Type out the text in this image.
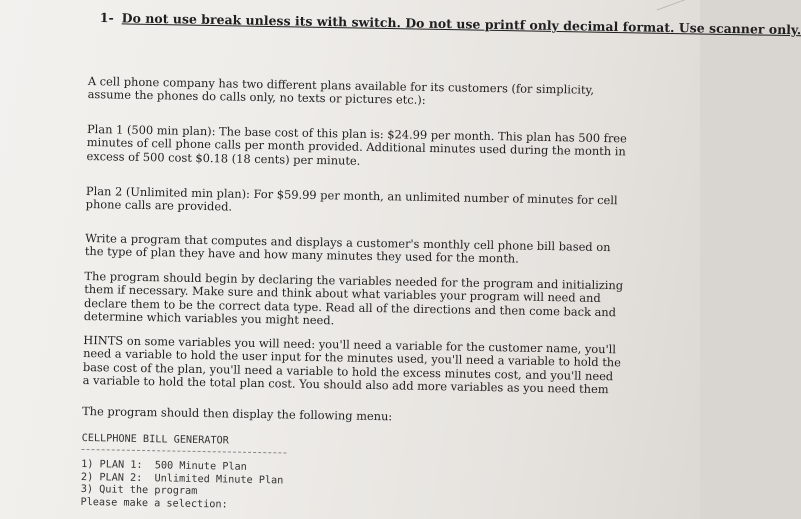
1- Do not use break unless its with switch. Do not use printf only decimal format. Use scanner only.

A cell phone company has two different plans available for its customers (for simplicity, assume the phones do calls only, no texts or pictures etc.):

Plan 1 (500 min plan): The base cost of this plan is: $24.99 per month. This plan has 500 free minutes of cell phone calls per month provided. Additional minutes used during the month in excess of 500 cost $0.18 (18 cents) per minute.

Plan 2 (Unlimited min plan): For $59.99 per month, an unlimited number of minutes for cell phone calls are provided.

Write a program that computes and displays a customer's monthly cell phone bill based on the type of plan they have and how many minutes they used for the month.

The program should begin by declaring the variables needed for the program and initializing them if necessary. Make sure and think about what variables your program will need and declare them to be the correct data type. Read all of the directions and then come back and determine which variables you might need.

HINTS on some variables you will need: you'll need a variable for the customer name, you'll need a variable to hold the user input for the minutes used, you'll need a variable to hold the base cost of the plan, you'll need a variable to hold the excess minutes cost, and you'll need a variable to hold the total plan cost. You should also add more variables as you need them

The program should then display the following menu:

CELLPHONE BILL GENERATOR
1) PLAN 1:  500 Minute Plan
2) PLAN 2:  Unlimited Minute Plan
3) Quit the program
Please make a selection:
